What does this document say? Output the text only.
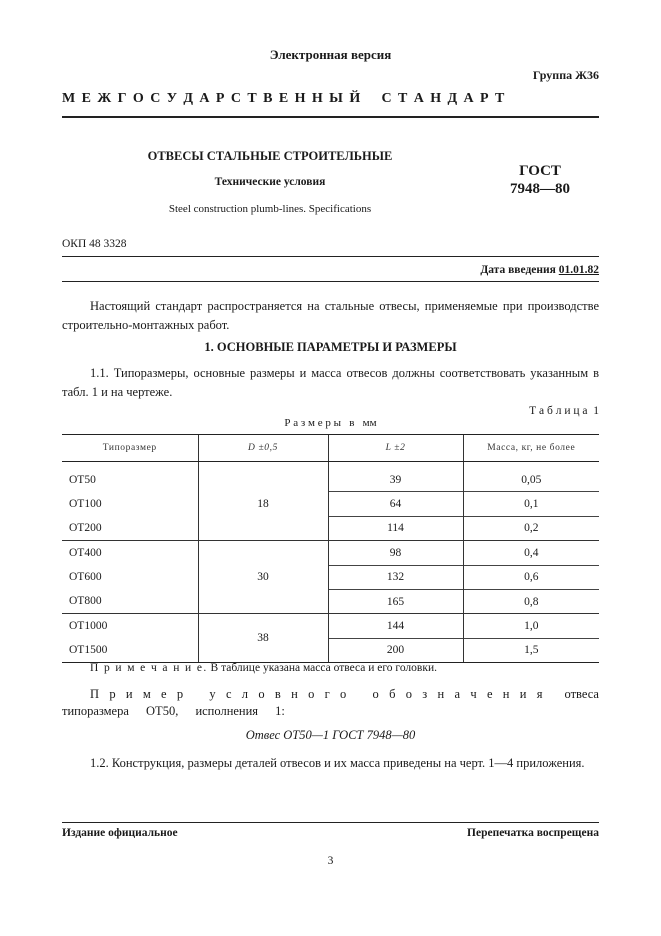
Электронная версия
Группа Ж36
М Е Ж Г О С У Д А Р С Т В Е Н Н Ы Й    С Т А Н Д А Р Т
ОТВЕСЫ СТАЛЬНЫЕ СТРОИТЕЛЬНЫЕ
Технические условия
Steel construction plumb-lines. Specifications
ГОСТ
7948—80
ОКП 48 3328
Дата введения 01.01.82
Настоящий стандарт распространяется на стальные отвесы, применяемые при производстве строительно-монтажных работ.
1. ОСНОВНЫЕ ПАРАМЕТРЫ И РАЗМЕРЫ
1.1. Типоразмеры, основные размеры и масса отвесов должны соответствовать указанным в табл. 1 и на чертеже.
Т а б л и ц а  1
Р а з м е р ы   в   мм
Типоразмер	D ±0,5	L ±2	Масса, кг, не более
ОТ50	18	39	0,05
ОТ100		64	0,1
ОТ200		114	0,2
ОТ400	30	98	0,4
ОТ600		132	0,6
ОТ800		165	0,8
ОТ1000	38	144	1,0
ОТ1500		200	1,5
П р и м е ч а н и е. В таблице указана масса отвеса и его головки.
П р и м е р   у с л о в н о г о   о б о з н а ч е н и я отвеса типоразмера ОТ50, исполнения 1:
Отвес ОТ50—1 ГОСТ 7948—80
1.2. Конструкция, размеры деталей отвесов и их масса приведены на черт. 1—4 приложения.
Издание официальное	Перепечатка воспрещена
3
